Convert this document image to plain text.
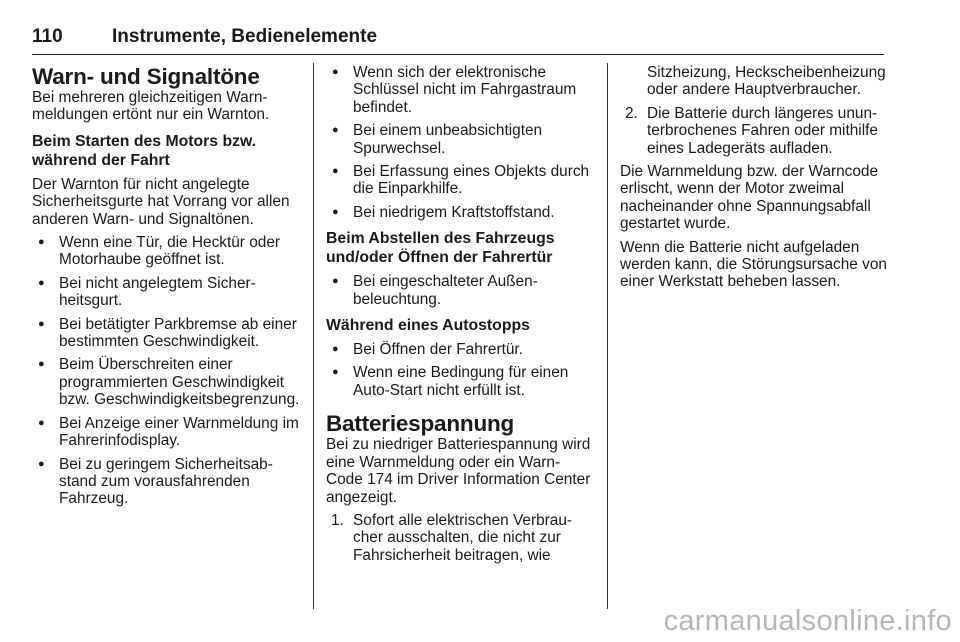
110	Instrumente, Bedienelemente
Warn- und Signaltöne

Bei mehreren gleichzeitigen Warnmeldungen ertönt nur ein Warnton.

Beim Starten des Motors bzw. während der Fahrt

Der Warnton für nicht angelegte Sicherheitsgurte hat Vorrang vor allen anderen Warn- und Signaltönen.

● Wenn eine Tür, die Hecktür oder Motorhaube geöffnet ist.
● Bei nicht angelegtem Sicherheitsgurt.
● Bei betätigter Parkbremse ab einer bestimmten Geschwindigkeit.
● Beim Überschreiten einer programmierten Geschwindigkeit bzw. Geschwindigkeitsbegrenzung.
● Bei Anzeige einer Warnmeldung im Fahrerinfodisplay.
● Bei zu geringem Sicherheitsabstand zum vorausfahrenden Fahrzeug.
● Wenn sich der elektronische Schlüssel nicht im Fahrgastraum befindet.
● Bei einem unbeabsichtigten Spurwechsel.
● Bei Erfassung eines Objekts durch die Einparkhilfe.
● Bei niedrigem Kraftstoffstand.
Beim Abstellen des Fahrzeugs und/oder Öffnen der Fahrertür
● Bei eingeschalteter Außenbeleuchtung.
Während eines Autostopps
● Bei Öffnen der Fahrertür.
● Wenn eine Bedingung für einen Auto-Start nicht erfüllt ist.
Batteriespannung

Bei zu niedriger Batteriespannung wird eine Warnmeldung oder ein Warn-Code 174 im Driver Information Center angezeigt.

1. Sofort alle elektrischen Verbraucher ausschalten, die nicht zur Fahrsicherheit beitragen, wie
Sitzheizung, Heckscheibenheizung oder andere Hauptverbraucher.
2. Die Batterie durch längeres ununterbrochenes Fahren oder mithilfe eines Ladegeräts aufladen.

Die Warnmeldung bzw. der Warncode erlischt, wenn der Motor zweimal nacheinander ohne Spannungsabfall gestartet wurde.

Wenn die Batterie nicht aufgeladen werden kann, die Störungsursache von einer Werkstatt beheben lassen.

carmanualsonline.info
